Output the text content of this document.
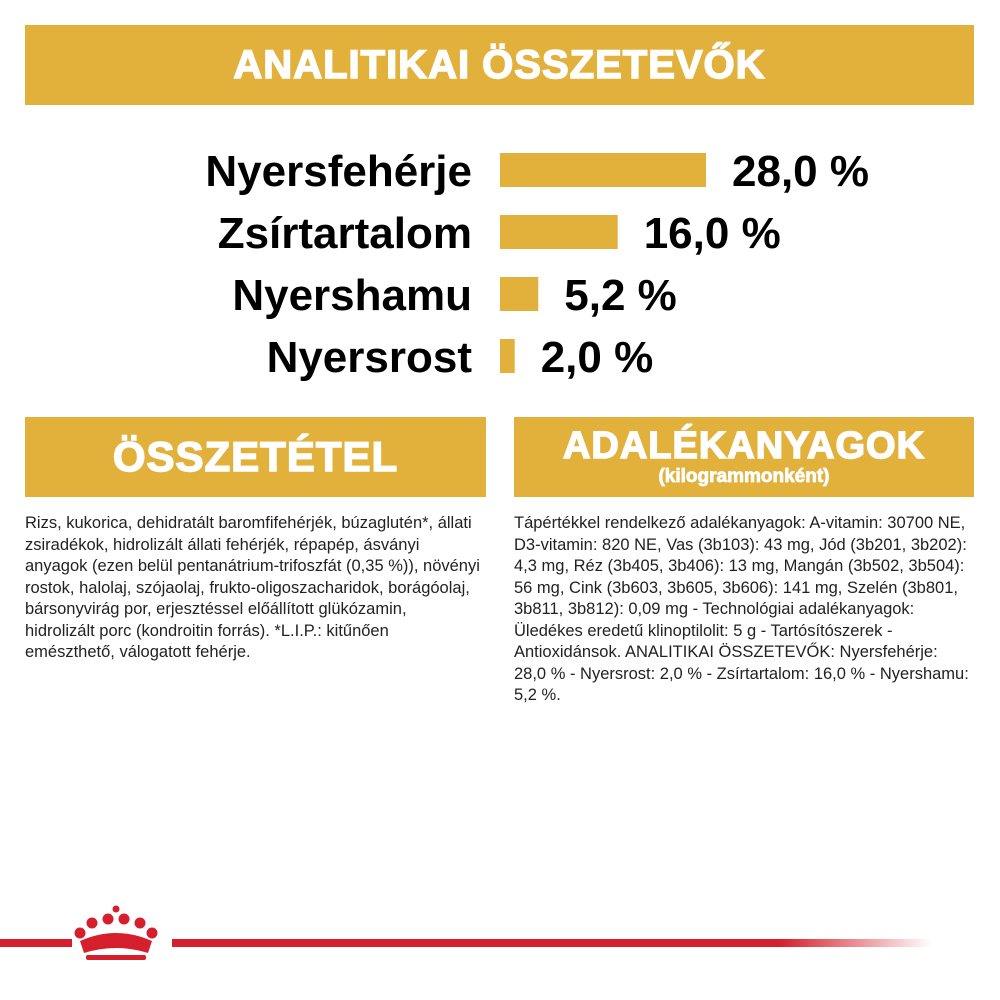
ANALITIKAI ÖSSZETEVŐK
Nyersfehérje	28,0 %
Zsírtartalom	16,0 %
Nyershamu 5,2 %
Nyersrost 2,0 %
ÖSSZETÉTEL	ADALÉKANYAGOK
(kilogrammonként)
Rizs, kukorica, dehidratált baromfifehérjék, búzaglutén*, állati zsiradékok, hidrolizált állati fehérjék, répapép, ásványi anyagok (ezen belül pentanátrium-trifoszfát (0,35 %)), növényi rostok, halolaj, szójaolaj, frukto-oligoszacharidok, borágóolaj, bársonyvirág por, erjesztéssel előállított glükózamin, hidrolizált porc (kondroitin forrás). *L.I.P.: kitűnően emészthető, válogatott fehérje.
Tápértékkel rendelkező adalékanyagok: A-vitamin: 30700 NE, D3-vitamin: 820 NE, Vas (3b103): 43 mg, Jód (3b201, 3b202): 4,3 mg, Réz (3b405, 3b406): 13 mg, Mangán (3b502, 3b504): 56 mg, Cink (3b603, 3b605, 3b606): 141 mg, Szelén (3b801, 3b811, 3b812): 0,09 mg - Technológiai adalékanyagok: Üledékes eredetű klinoptilolit: 5 g - Tartósítószerek - Antioxidánsok. ANALITIKAI ÖSSZETEVŐK: Nyersfehérje: 28,0 % - Nyersrost: 2,0 % - Zsírtartalom: 16,0 % - Nyershamu: 5,2 %.
